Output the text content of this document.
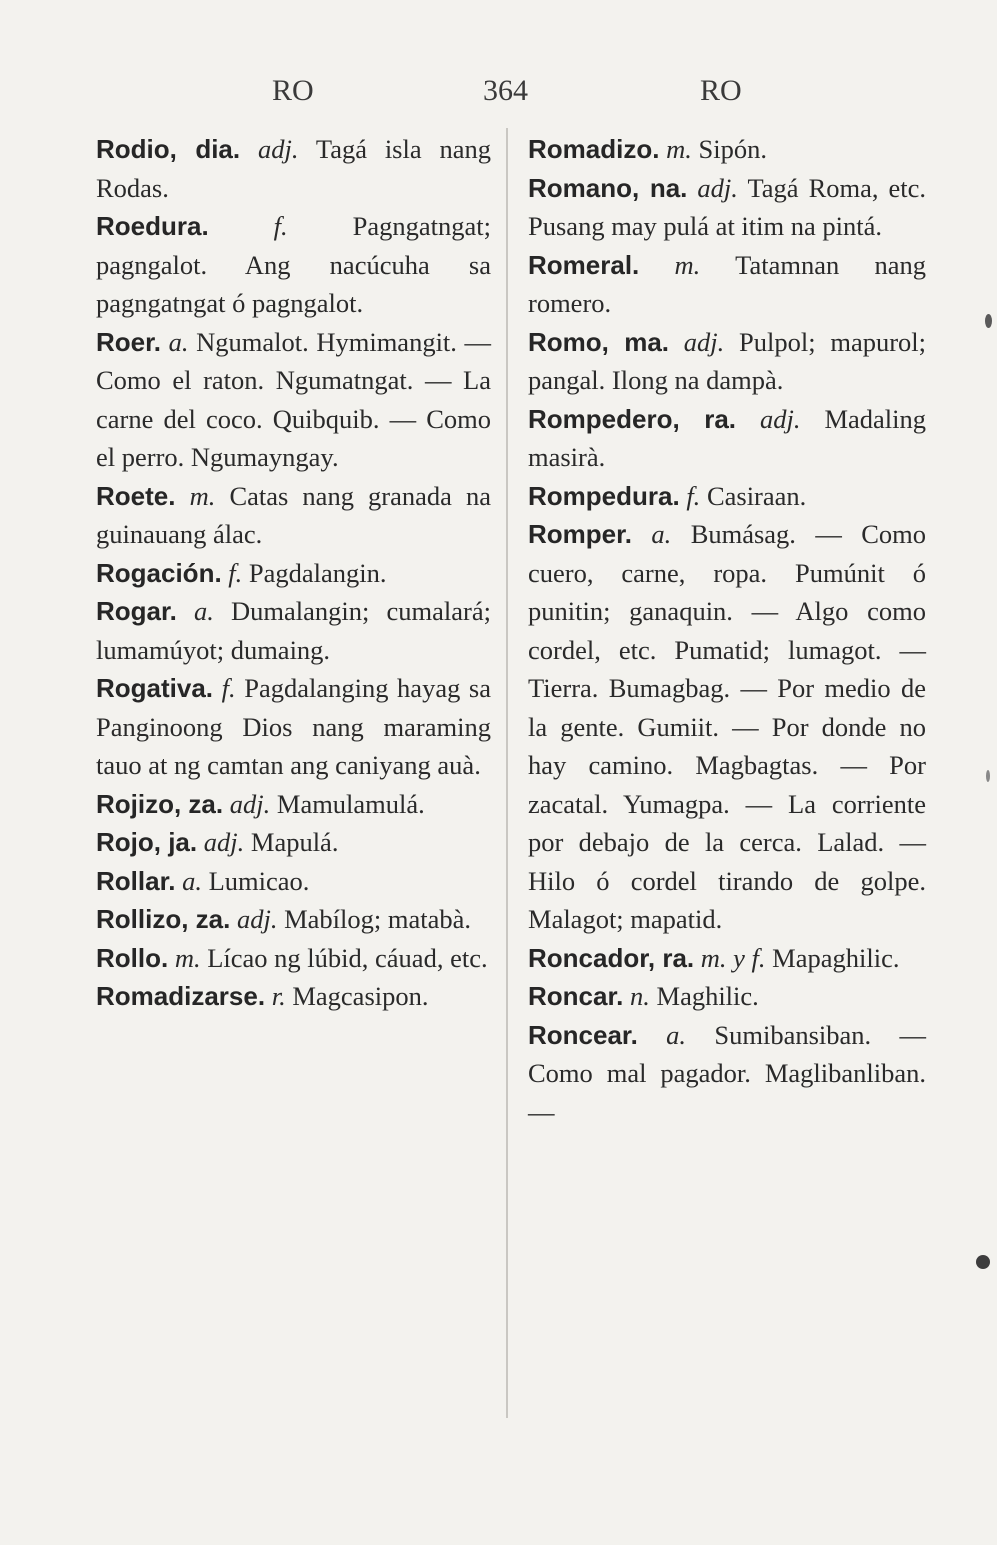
RO	364	RO

Rodio, dia. adj. Tagá isla nang Rodas.

Roedura. f. Pagngatngat; pagngalot. Ang nacúcuha sa pagngatngat ó pagngalot.

Roer. a. Ngumalot. Hymimangit. — Como el raton. Ngumatngat. — La carne del coco. Quibquib. — Como el perro. Ngumayngay.

Roete. m. Catas nang granada na guinauang álac.

Rogación. f. Pagdalangin.

Rogar. a. Dumalangin; cumalará; lumamúyot; dumaing.

Rogativa. f. Pagdalanging hayag sa Panginoong Dios nang maraming tauo at ng camtan ang caniyang auà.

Rojizo, za. adj. Mamulamulá.

Rojo, ja. adj. Mapulá.

Rollar. a. Lumicao.

Rollizo, za. adj. Mabílog; matabà.

Rollo. m. Lícao ng lúbid, cáuad, etc.

Romadizarse. r. Magcasipon.

Romadizo. m. Sipón.

Romano, na. adj. Tagá Roma, etc. Pusang may pulá at itim na pintá.

Romeral. m. Tatamnan nang romero.

Romo, ma. adj. Pulpol; mapurol; pangal. Ilong na dampà.

Rompedero, ra. adj. Madaling masirà.

Rompedura. f. Casiraan.

Romper. a. Bumásag. — Como cuero, carne, ropa. Pumúnit ó punitin; ganaquin. — Algo como cordel, etc. Pumatid; lumagot. — Tierra. Bumagbag. — Por medio de la gente. Gumiit. — Por donde no hay camino. Magbagtas. — Por zacatal. Yumagpa. — La corriente por debajo de la cerca. Lalad. — Hilo ó cordel tirando de golpe. Malagot; mapatid.

Roncador, ra. m. y f. Mapaghilic.

Roncar. n. Maghilic.

Roncear. a. Sumibansiban. — Como mal pagador. Maglibanliban. —
